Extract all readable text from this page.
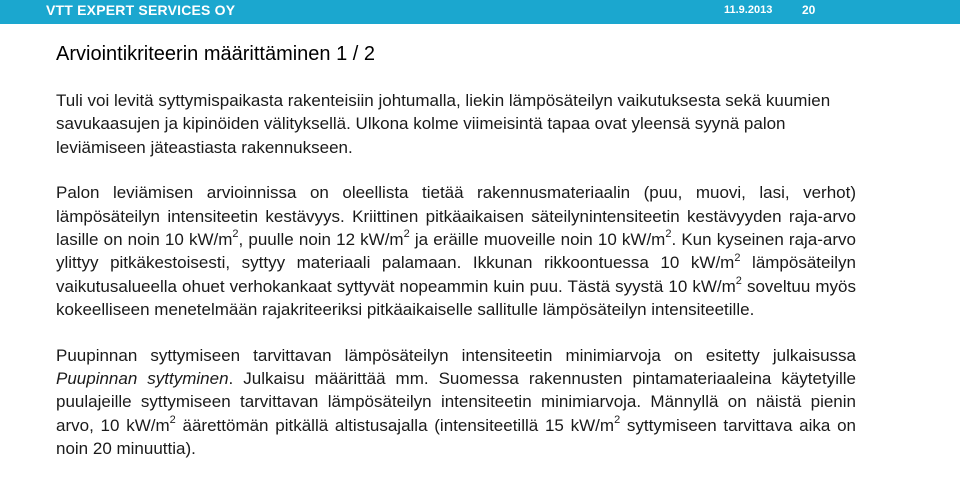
VTT EXPERT SERVICES OY	11.9.2013 20
Arviointikriteerin määrittäminen 1 / 2

Tuli voi levitä syttymispaikasta rakenteisiin johtumalla, liekin lämpösäteilyn vaikutuksesta sekä kuumien savukaasujen ja kipinöiden välityksellä. Ulkona kolme viimeisintä tapaa ovat yleensä syynä palon leviämiseen jäteastiasta rakennukseen.

Palon leviämisen arvioinnissa on oleellista tietää rakennusmateriaalin (puu, muovi, lasi, verhot) lämpösäteilyn intensiteetin kestävyys. Kriittinen pitkäaikaisen säteilynintensiteetin kestävyyden raja-arvo lasille on noin 10 $kW/m^2$, puulle noin 12 $kW/m^2$ ja eräille muoveille noin 10 $kW/m^2$. Kun kyseinen raja-arvo ylittyy pitkäkestoisesti, syttyy materiaali palamaan. Ikkunan rikkoontuessa 10 $kW/m^2$ lämpösäteilyn vaikutusalueella ohuet verhokankaat syttyvät nopeammin kuin puu. Tästä syystä 10 $kW/m^2$ soveltuu myös kokeelliseen menetelmään rajakriteeriksi pitkäaikaiselle sallitulle lämpösäteilyn intensiteetille.

Puupinnan syttymiseen tarvittavan lämpösäteilyn intensiteetin minimiarvoja on esitetty julkaisussa Puupinnan syttyminen. Julkaisu määrittää mm. Suomessa rakennusten pintamateriaaleina käytetyille puulajeille syttymiseen tarvittavan lämpösäteilyn intensiteetin minimiarvoja. Männyllä on näistä pienin arvo, 10 $kW/m^2$ äärettömän pitkällä altistusajalla (intensiteetillä 15 $kW/m^2$ syttymiseen tarvittava aika on noin 20 minuuttia).
